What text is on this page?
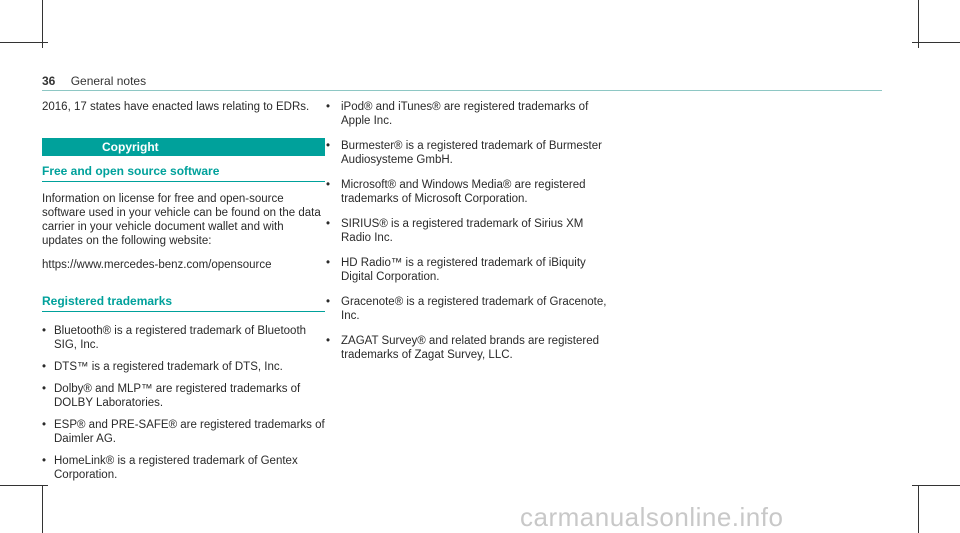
36 General notes

2016, 17 states have enacted laws relating to EDRs.

Copyright
Free and open source software

Information on license for free and open-source software used in your vehicle can be found on the data carrier in your vehicle document wallet and with updates on the following website:

https://www.mercedes-benz.com/opensource

Registered trademarks
• Bluetooth® is a registered trademark of Bluetooth SIG, Inc.
• DTS™ is a registered trademark of DTS, Inc.
• Dolby® and MLP™ are registered trademarks of DOLBY Laboratories.
• ESP® and PRE-SAFE® are registered trademarks of Daimler AG.
• HomeLink® is a registered trademark of Gentex Corporation.
• iPod® and iTunes® are registered trademarks of Apple Inc.
• Burmester® is a registered trademark of Burmester Audiosysteme GmbH.
• Microsoft® and Windows Media® are registered trademarks of Microsoft Corporation.
• SIRIUS® is a registered trademark of Sirius XM Radio Inc.
• HD Radio™ is a registered trademark of iBiquity Digital Corporation.
• Gracenote® is a registered trademark of Gracenote, Inc.
• ZAGAT Survey® and related brands are registered trademarks of Zagat Survey, LLC.
carmanualsonline.info
